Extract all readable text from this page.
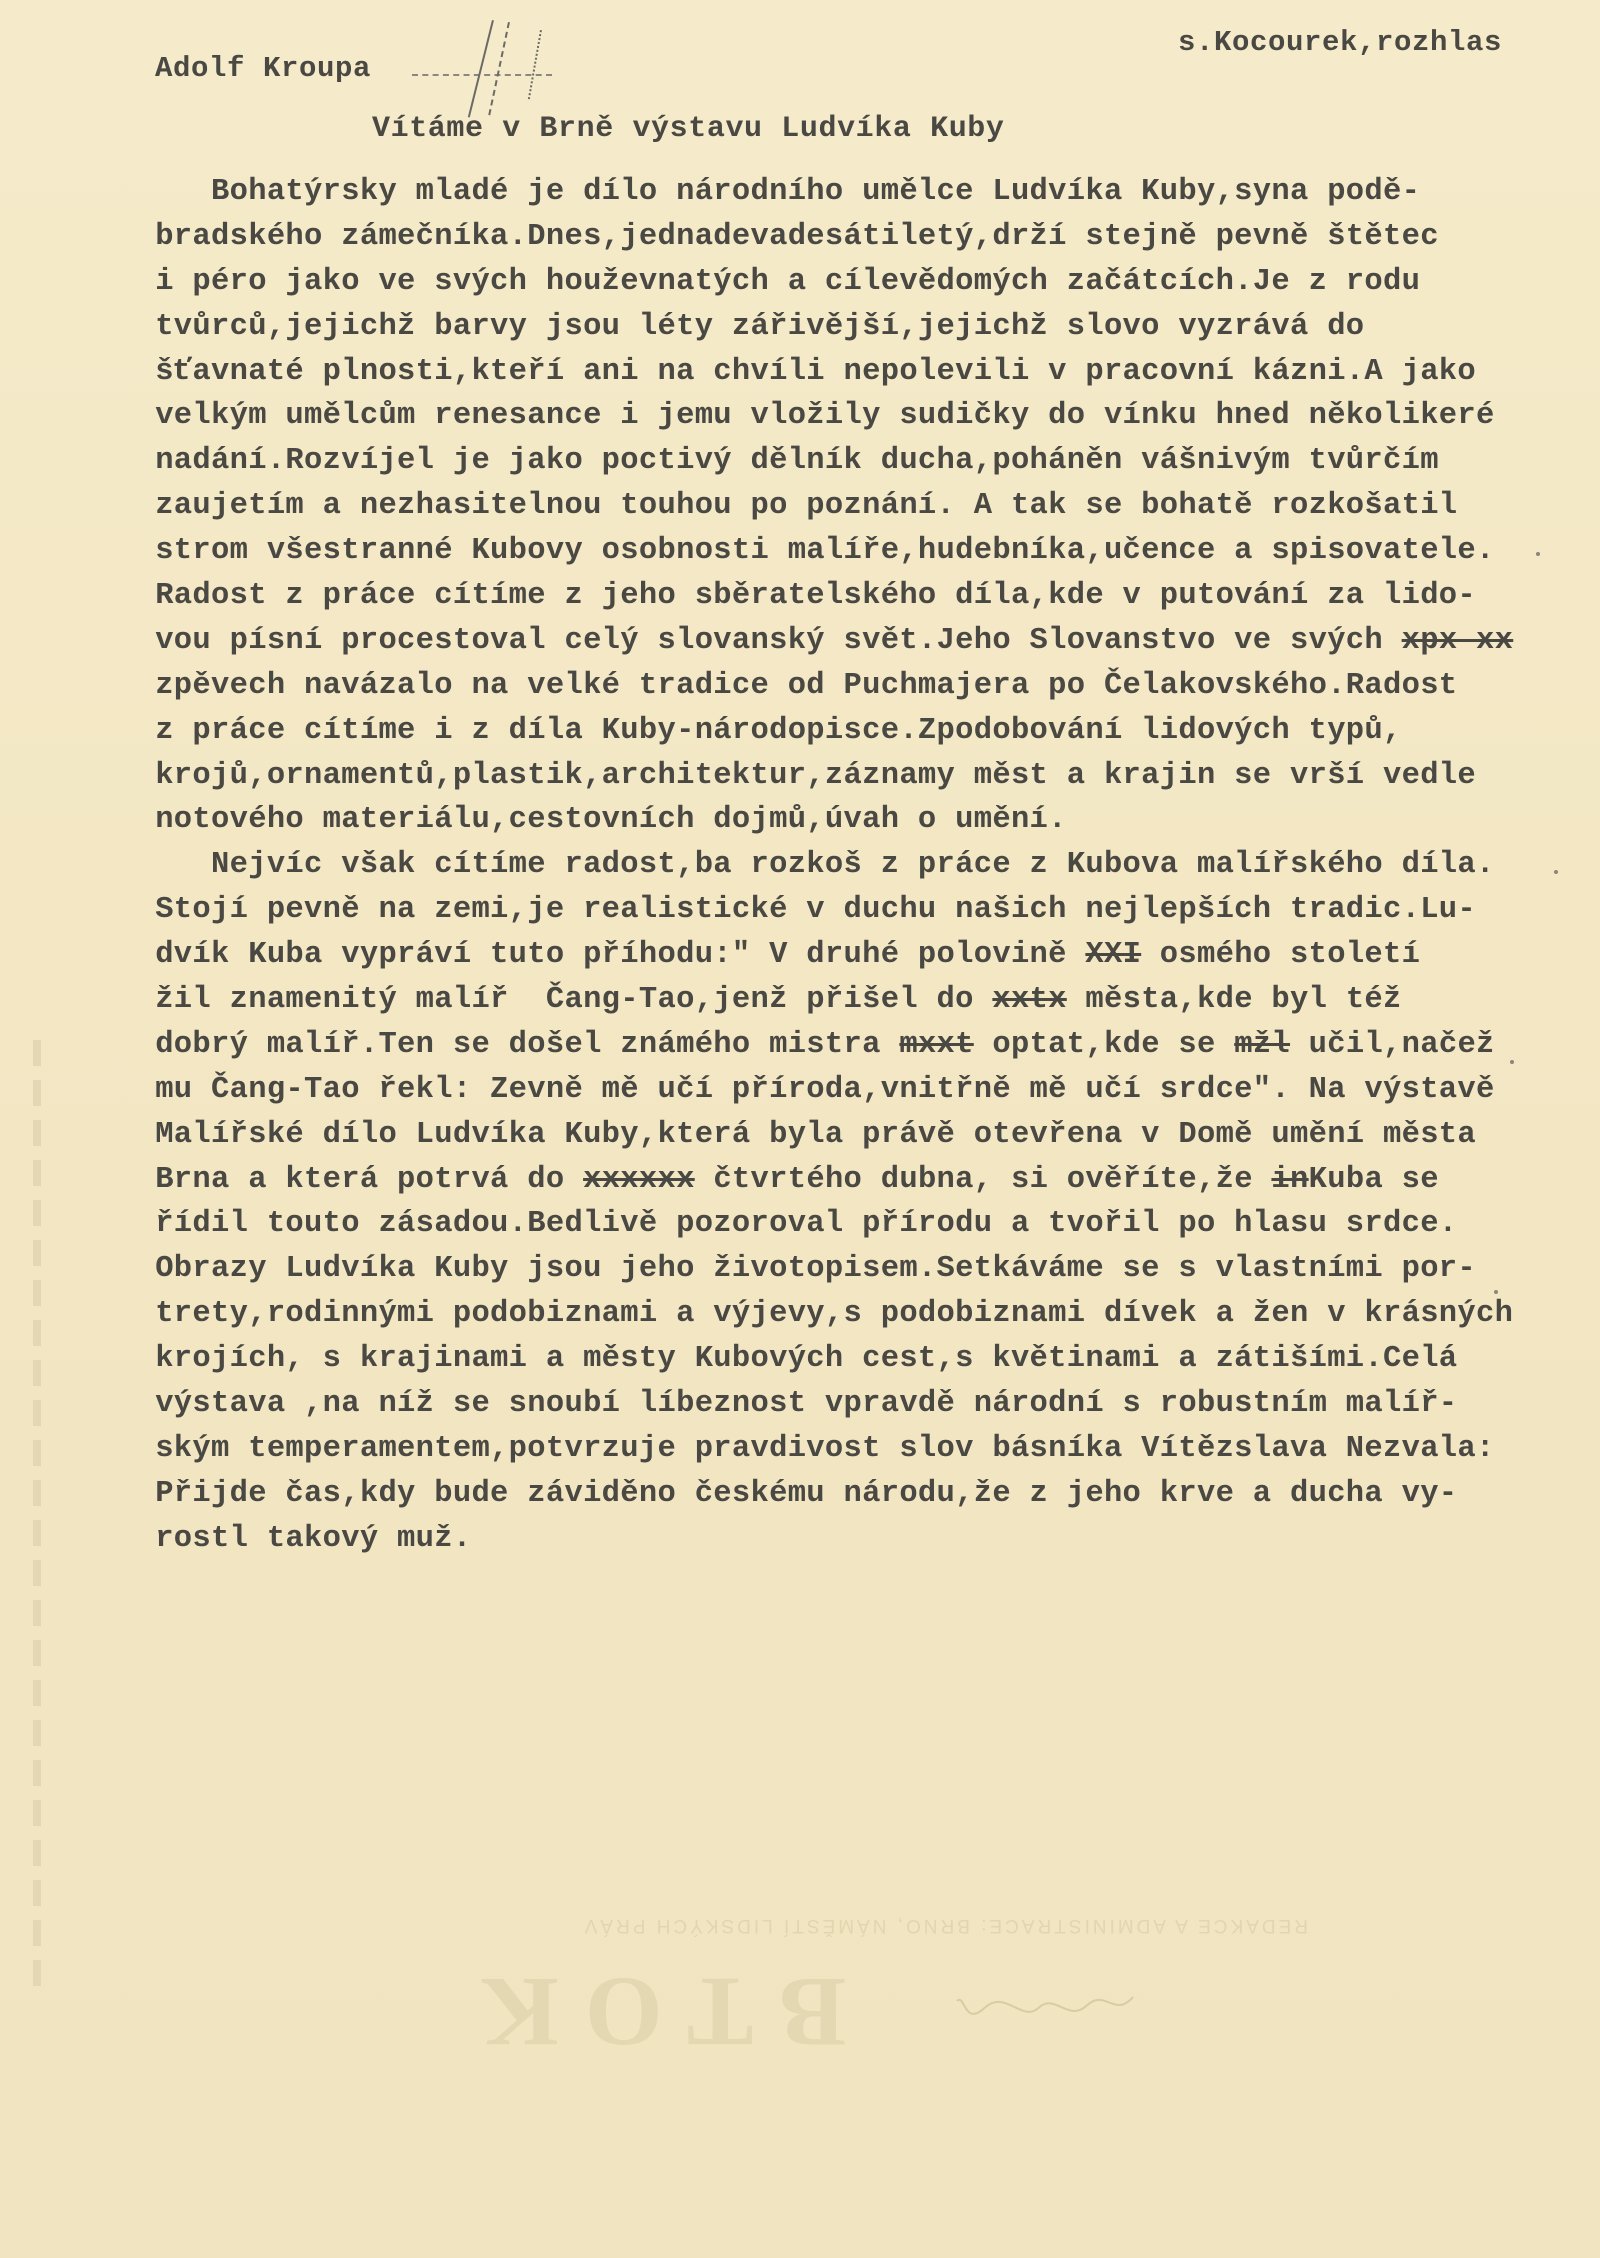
REDAKCE A ADMINISTRACE: BRNO, NÁMĚSTÍ LIDSKÝCH PRÁV
BTOK
Adolf Kroupa
s.Kocourek,rozhlas
Vítáme v Brně výstavu Ludvíka Kuby
Bohatýrsky mladé je dílo národního umělce Ludvíka Kuby,syna podě-
bradského zámečníka.Dnes,jednadevadesátiletý,drží stejně pevně štětec
i péro jako ve svých houževnatých a cílevědomých začátcích.Je z rodu
tvůrců,jejichž barvy jsou léty zářivější,jejichž slovo vyzrává do
šťavnaté plnosti,kteří ani na chvíli nepolevili v pracovní kázni.A jako
velkým umělcům renesance i jemu vložily sudičky do vínku hned několikeré
nadání.Rozvíjel je jako poctivý dělník ducha,poháněn vášnivým tvůrčím
zaujetím a nezhasitelnou touhou po poznání. A tak se bohatě rozkošatil
strom všestranné Kubovy osobnosti malíře,hudebníka,učence a spisovatele.
Radost z práce cítíme z jeho sběratelského díla,kde v putování za lido-
vou písní procestoval celý slovanský svět.Jeho Slovanstvo ve svých xpx xx
zpěvech navázalo na velké tradice od Puchmajera po Čelakovského.Radost
z práce cítíme i z díla Kuby-národopisce.Zpodobování lidových typů,
krojů,ornamentů,plastik,architektur,záznamy měst a krajin se vrší vedle
notového materiálu,cestovních dojmů,úvah o umění.
Nejvíc však cítíme radost,ba rozkoš z práce z Kubova malířského díla.
Stojí pevně na zemi,je realistické v duchu našich nejlepších tradic.Lu-
dvík Kuba vypráví tuto příhodu:" V druhé polovině XXI osmého století
žil znamenitý malíř  Čang-Tao,jenž přišel do xxtx města,kde byl též
dobrý malíř.Ten se došel známého mistra mxxt optat,kde se mžl učil,načež
mu Čang-Tao řekl: Zevně mě učí příroda,vnitřně mě učí srdce". Na výstavě
Malířské dílo Ludvíka Kuby,která byla právě otevřena v Domě umění města
Brna a která potrvá do xxxxxx čtvrtého dubna, si ověříte,že inKuba se
řídil touto zásadou.Bedlivě pozoroval přírodu a tvořil po hlasu srdce.
Obrazy Ludvíka Kuby jsou jeho životopisem.Setkáváme se s vlastními por-
trety,rodinnými podobiznami a výjevy,s podobiznami dívek a žen v krásných
krojích, s krajinami a městy Kubových cest,s květinami a zátišími.Celá
výstava ,na níž se snoubí líbeznost vpravdě národní s robustním malíř-
ským temperamentem,potvrzuje pravdivost slov básníka Vítězslava Nezvala:
Přijde čas,kdy bude záviděno českému národu,že z jeho krve a ducha vy-
rostl takový muž.
